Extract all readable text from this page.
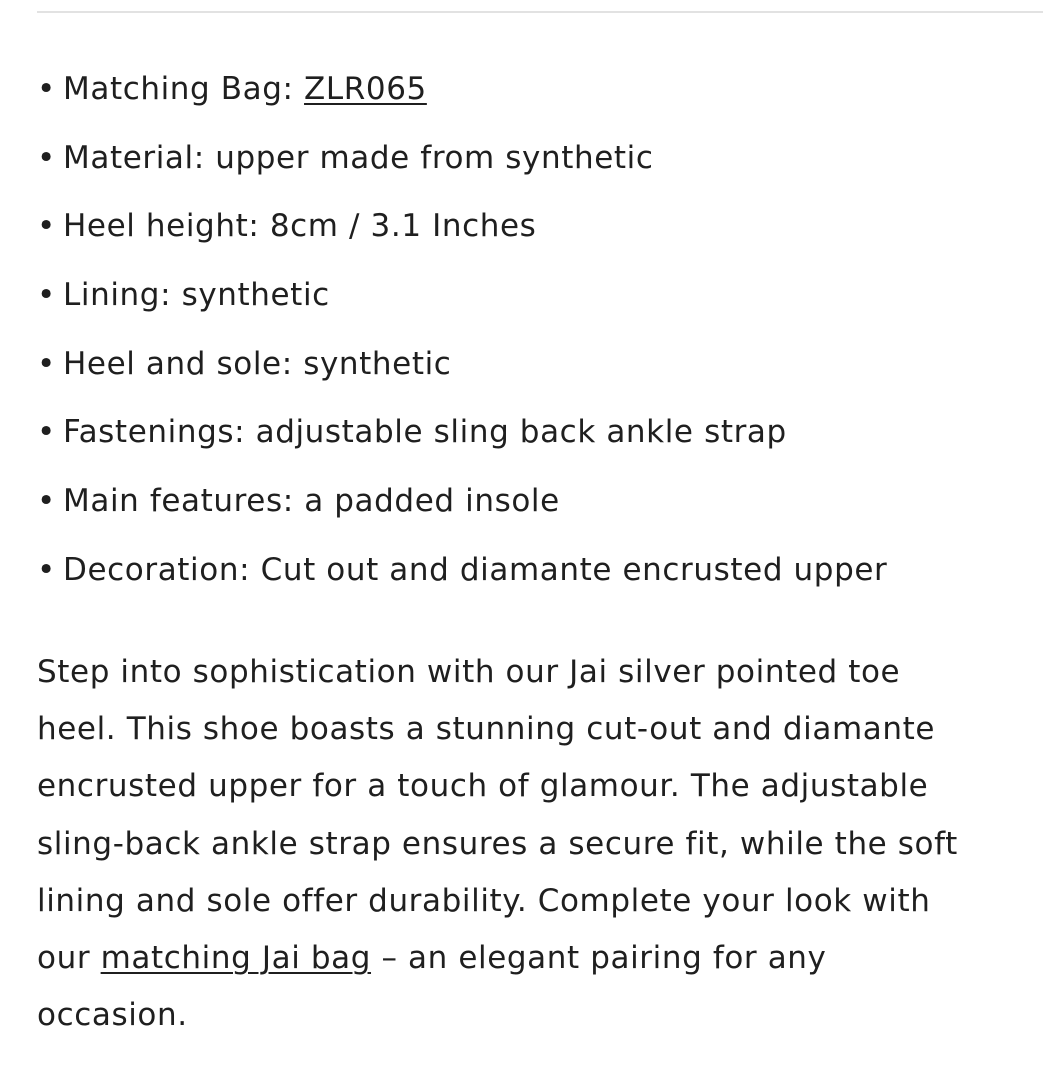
• Matching Bag: ZLR065
• Material: upper made from synthetic
• Heel height: 8cm / 3.1 Inches
• Lining: synthetic
• Heel and sole: synthetic
• Fastenings: adjustable sling back ankle strap
• Main features: a padded insole
• Decoration: Cut out and diamante encrusted upper

Step into sophistication with our Jai silver pointed toe
heel. This shoe boasts a stunning cut-out and diamante
encrusted upper for a touch of glamour. The adjustable
sling-back ankle strap ensures a secure fit, while the soft
lining and sole offer durability. Complete your look with
our matching Jai bag – an elegant pairing for any
occasion.
